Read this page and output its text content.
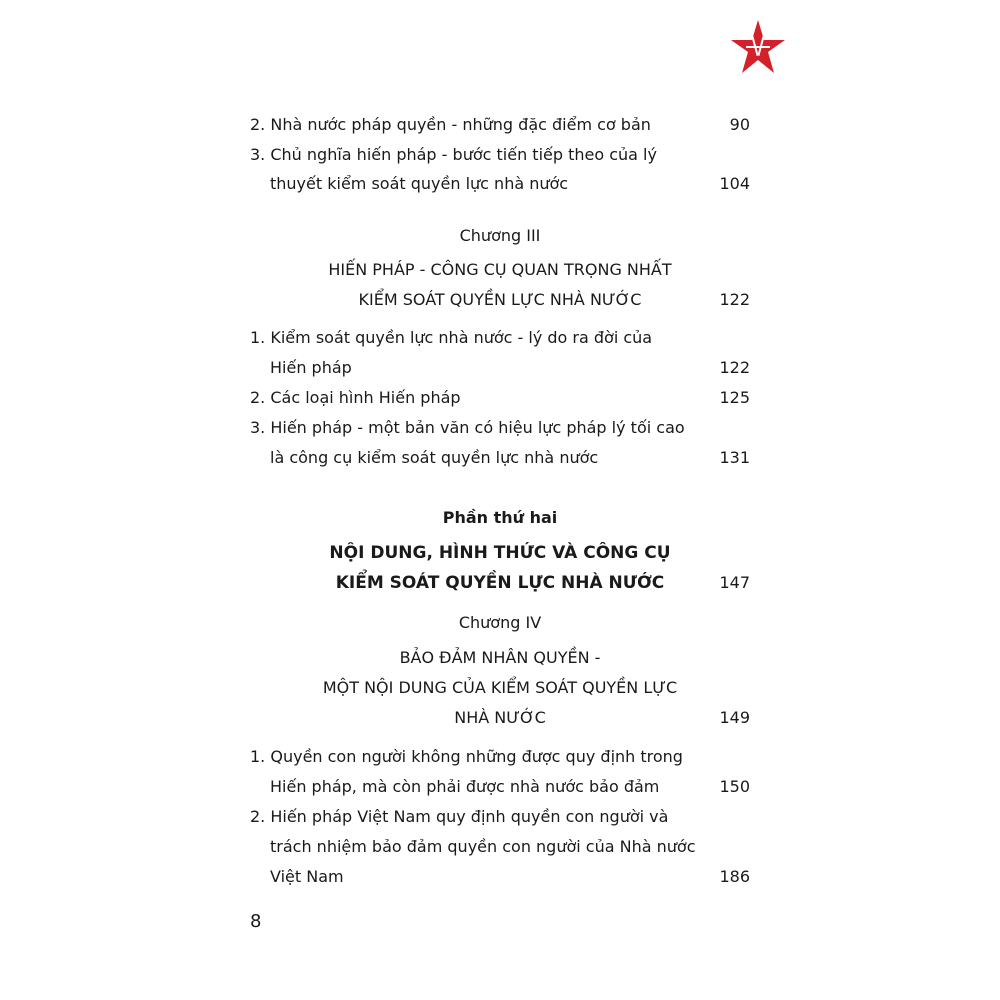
2. Nhà nước pháp quyền - những đặc điểm cơ bản	90
3. Chủ nghĩa hiến pháp - bước tiến tiếp theo của lý
thuyết kiểm soát quyền lực nhà nước	104
Chương III
HIẾN PHÁP - CÔNG CỤ QUAN TRỌNG NHẤT
KIỂM SOÁT QUYỀN LỰC NHÀ NƯỚC	122
1. Kiểm soát quyền lực nhà nước - lý do ra đời của
Hiến pháp	122
2. Các loại hình Hiến pháp	125
3. Hiến pháp - một bản văn có hiệu lực pháp lý tối cao
là công cụ kiểm soát quyền lực nhà nước	131
Phần thứ hai
NỘI DUNG, HÌNH THỨC VÀ CÔNG CỤ
KIỂM SOÁT QUYỀN LỰC NHÀ NƯỚC	147
Chương IV
BẢO ĐẢM NHÂN QUYỀN -
MỘT NỘI DUNG CỦA KIỂM SOÁT QUYỀN LỰC
NHÀ NƯỚC	149
1. Quyền con người không những được quy định trong
Hiến pháp, mà còn phải được nhà nước bảo đảm	150
2. Hiến pháp Việt Nam quy định quyền con người và
trách nhiệm bảo đảm quyền con người của Nhà nước
Việt Nam	186
8
